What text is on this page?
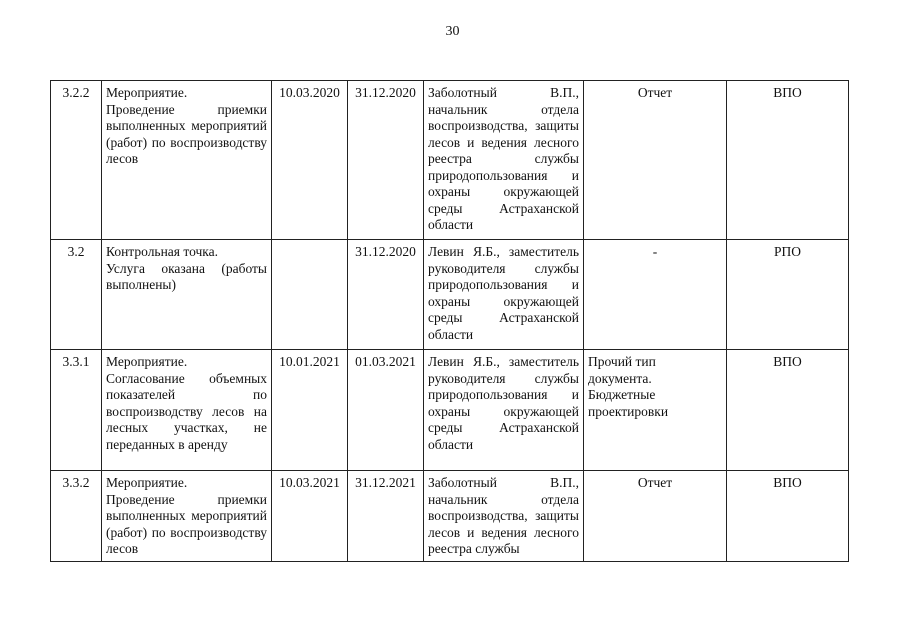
30
3.2.2	Мероприятие.
Проведение приемки выполненных мероприятий (работ) по воспроизводству лесов	10.03.2020	31.12.2020	Заболотный В.П., начальник отдела воспроизводства, защиты лесов и ведения лесного реестра службы природопользования и охраны окружающей среды Астраханской области	Отчет	ВПО
3.2	Контрольная точка.
Услуга оказана (работы выполнены)		31.12.2020	Левин Я.Б., заместитель руководителя службы природопользования и охраны окружающей среды Астраханской области	-	РПО
3.3.1	Мероприятие.
Согласование объемных показателей по воспроизводству лесов на лесных участках, не переданных в аренду	10.01.2021	01.03.2021	Левин Я.Б., заместитель руководителя службы природопользования и охраны окружающей среды Астраханской области	Прочий тип документа.
Бюджетные проектировки	ВПО
3.3.2	Мероприятие.
Проведение приемки выполненных мероприятий (работ) по воспроизводству лесов	10.03.2021	31.12.2021	Заболотный В.П., начальник отдела воспроизводства, защиты лесов и ведения лесного реестра службы	Отчет	ВПО
